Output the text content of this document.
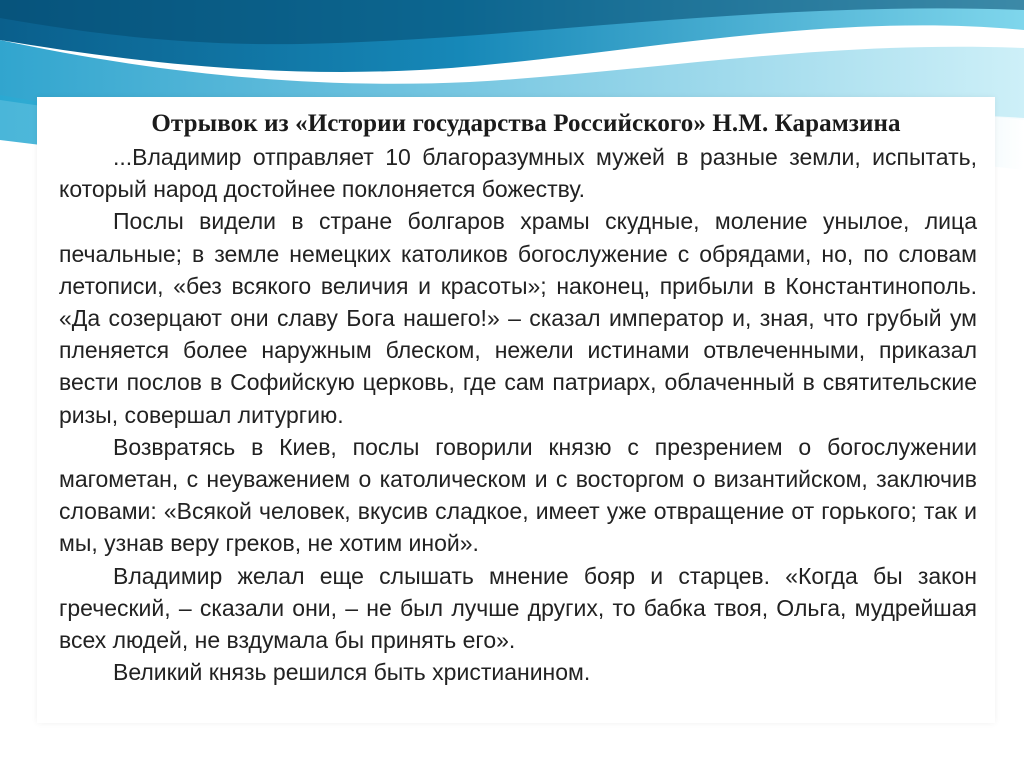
Отрывок из «Истории государства Российского» Н.М. Карамзина

...Владимир отправляет 10 благоразумных мужей в разные земли, испытать, который народ достойнее поклоняется божеству.

Послы видели в стране болгаров храмы скудные, моление унылое, лица печальные; в земле немецких католиков богослужение с обрядами, но, по словам летописи, «без всякого величия и красоты»; наконец, прибыли в Константинополь. «Да созерцают они славу Бога нашего!» – сказал император и, зная, что грубый ум пленяется более наружным блеском, нежели истинами отвлеченными, приказал вести послов в Софийскую церковь, где сам патриарх, облаченный в святительские ризы, совершал литургию.

Возвратясь в Киев, послы говорили князю с презрением о богослужении магометан, с неуважением о католическом и с восторгом о византийском, заключив словами: «Всякой человек, вкусив сладкое, имеет уже отвращение от горького; так и мы, узнав веру греков, не хотим иной».

Владимир желал еще слышать мнение бояр и старцев. «Когда бы закон греческий, – сказали они, – не был лучше других, то бабка твоя, Ольга, мудрейшая всех людей, не вздумала бы принять его».

Великий князь решился быть христианином.
